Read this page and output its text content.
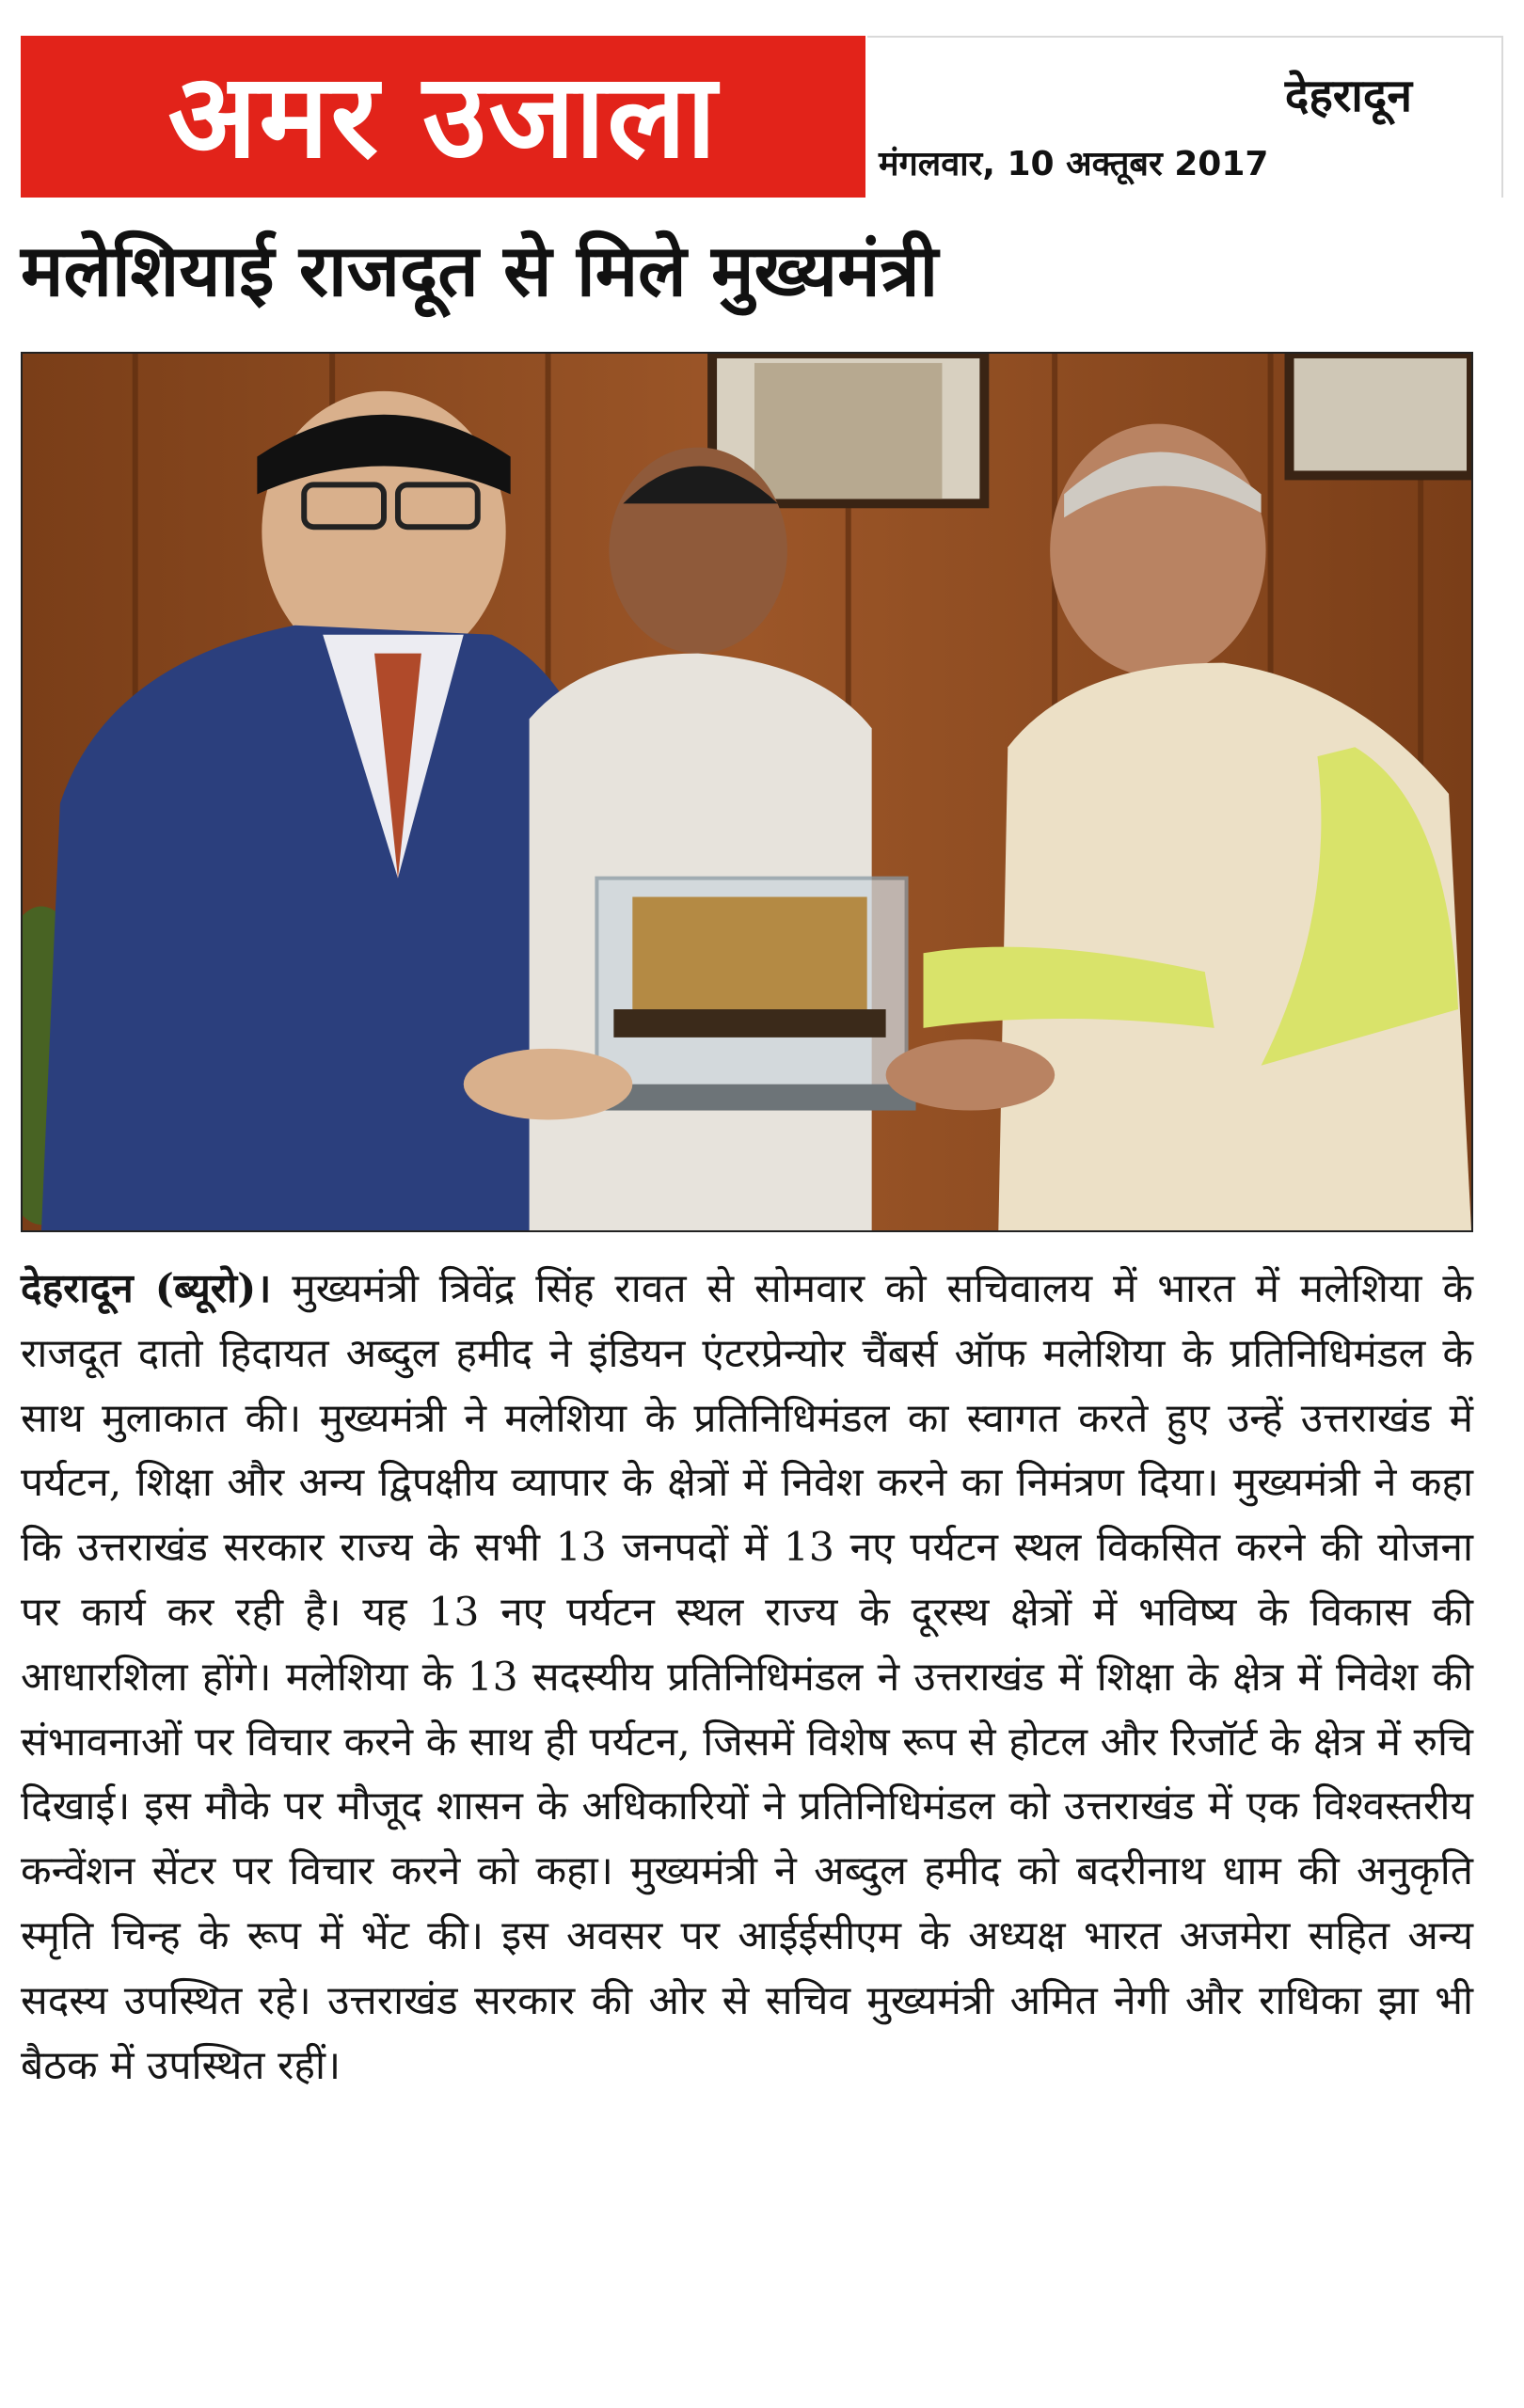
अमर उजाला	देहरादून
मंगलवार, 10 अक्तूबर 2017
मलेशियाई राजदूत से मिले मुख्यमंत्री
देहरादून (ब्यूरो)। मुख्यमंत्री त्रिवेंद्र सिंह रावत से सोमवार को सचिवालय में भारत में मलेशिया के राजदूत दातो हिदायत अब्दुल हमीद ने इंडियन एंटरप्रेन्योर चैंबर्स ऑफ मलेशिया के प्रतिनिधिमंडल के साथ मुलाकात की। मुख्यमंत्री ने मलेशिया के प्रतिनिधिमंडल का स्वागत करते हुए उन्हें उत्तराखंड में पर्यटन, शिक्षा और अन्य द्विपक्षीय व्यापार के क्षेत्रों में निवेश करने का निमंत्रण दिया। मुख्यमंत्री ने कहा कि उत्तराखंड सरकार राज्य के सभी 13 जनपदों में 13 नए पर्यटन स्थल विकसित करने की योजना पर कार्य कर रही है। यह 13 नए पर्यटन स्थल राज्य के दूरस्थ क्षेत्रों में भविष्य के विकास की आधारशिला होंगे। मलेशिया के 13 सदस्यीय प्रतिनिधिमंडल ने उत्तराखंड में शिक्षा के क्षेत्र में निवेश की संभावनाओं पर विचार करने के साथ ही पर्यटन, जिसमें विशेष रूप से होटल और रिजॉर्ट के क्षेत्र में रुचि दिखाई। इस मौके पर मौजूद शासन के अधिकारियों ने प्रतिनिधिमंडल को उत्तराखंड में एक विश्वस्तरीय कन्वेंशन सेंटर पर विचार करने को कहा। मुख्यमंत्री ने अब्दुल हमीद को बदरीनाथ धाम की अनुकृति स्मृति चिन्ह के रूप में भेंट की। इस अवसर पर आईईसीएम के अध्यक्ष भारत अजमेरा सहित अन्य सदस्य उपस्थित रहे। उत्तराखंड सरकार की ओर से सचिव मुख्यमंत्री अमित नेगी और राधिका झा भी बैठक में उपस्थित रहीं।
